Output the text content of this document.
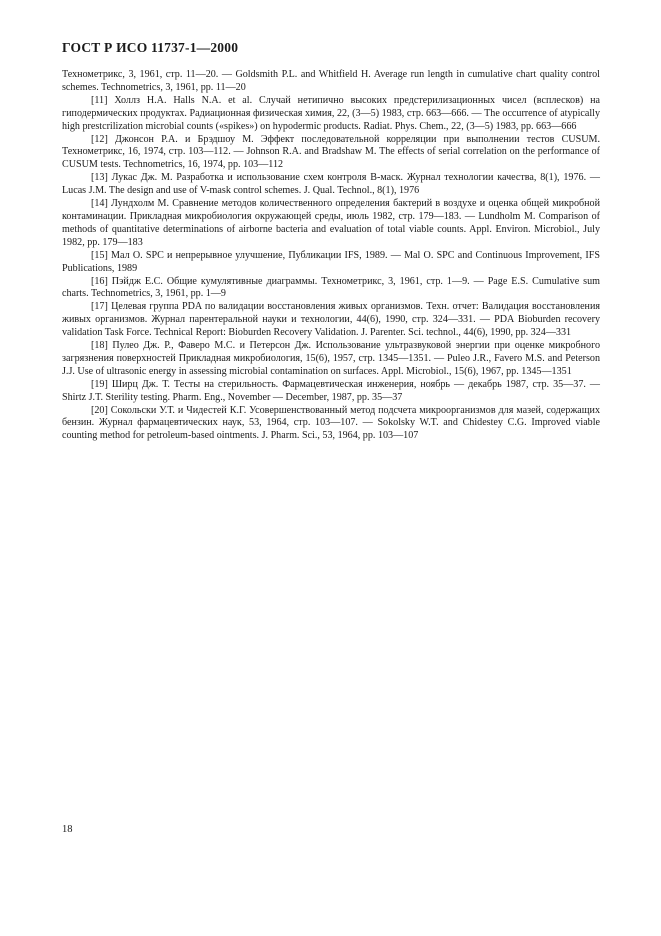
ГОСТ Р ИСО 11737-1—2000

Технометрикс, 3, 1961, стр. 11—20. — Goldsmith P.L. and Whitfield H. Average run length in cumulative chart quality control schemes. Technometrics, 3, 1961, pp. 11—20

[11] Холлз Н.А. Halls N.A. et al. Случай нетипично высоких предстерилизационных чисел (всплесков) на гиподермических продуктах. Радиационная физическая химия, 22, (3—5) 1983, стр. 663—666. — The occurrence of atypically high prestcrilization microbial counts («spikes») on hypodermic products. Radiat. Phys. Chem., 22, (3—5) 1983, pp. 663—666

[12] Джонсон Р.А. и Брэдшоу М. Эффект последовательной корреляции при выполнении тестов CUSUM. Технометрикс, 16, 1974, стр. 103—112. — Johnson R.A. and Bradshaw M. The effects of serial correlation on the performance of CUSUM tests. Technometrics, 16, 1974, pp. 103—112

[13] Лукас Дж. М. Разработка и использование схем контроля В-маск. Журнал технологии качества, 8(1), 1976. — Lucas J.M. The design and use of V-mask control schemes. J. Qual. Technol., 8(1), 1976

[14] Лундхолм М. Сравнение методов количественного определения бактерий в воздухе и оценка общей микробной контаминации. Прикладная микробиология окружающей среды, июль 1982, стр. 179—183. — Lundholm M. Comparison of methods of quantitative determinations of airborne bacteria and evaluation of total viable counts. Appl. Environ. Microbiol., July 1982, pp. 179—183

[15] Мал О. SPC и непрерывное улучшение, Публикации IFS, 1989. — Mal O. SPC and Continuous Improvement, IFS Publications, 1989

[16] Пэйдж Е.С. Общие кумулятивные диаграммы. Технометрикс, 3, 1961, стр. 1—9. — Page E.S. Cumulative sum charts. Technometrics, 3, 1961, pp. 1—9

[17] Целевая группа PDA по валидации восстановления живых организмов. Техн. отчет: Валидация восстановления живых организмов. Журнал парентеральной науки и технологии, 44(6), 1990, стр. 324—331. — PDA Bioburden recovery validation Task Force. Technical Report: Bioburden Recovery Validation. J. Parenter. Sci. technol., 44(6), 1990, pp. 324—331

[18] Пулео Дж. Р., Фаверо М.С. и Петерсон Дж. Использование ультразвуковой энергии при оценке микробного загрязнения поверхностей Прикладная микробиология, 15(6), 1957, стр. 1345—1351. — Puleo J.R., Favero M.S. and Peterson J.J. Use of ultrasonic energy in assessing microbial contamination on surfaces. Appl. Microbiol., 15(6), 1967, pp. 1345—1351

[19] Ширц Дж. Т. Тесты на стерильность. Фармацевтическая инженерия, ноябрь — декабрь 1987, стр. 35—37. — Shirtz J.T. Sterility testing. Pharm. Eng., November — December, 1987, pp. 35—37

[20] Сокольски У.Т. и Чидестей К.Г. Усовершенствованный метод подсчета микроорганизмов для мазей, содержащих бензин. Журнал фармацевтических наук, 53, 1964, стр. 103—107. — Sokolsky W.T. and Chidestey C.G. Improved viable counting method for petroleum-based ointments. J. Pharm. Sci., 53, 1964, pp. 103—107

18
